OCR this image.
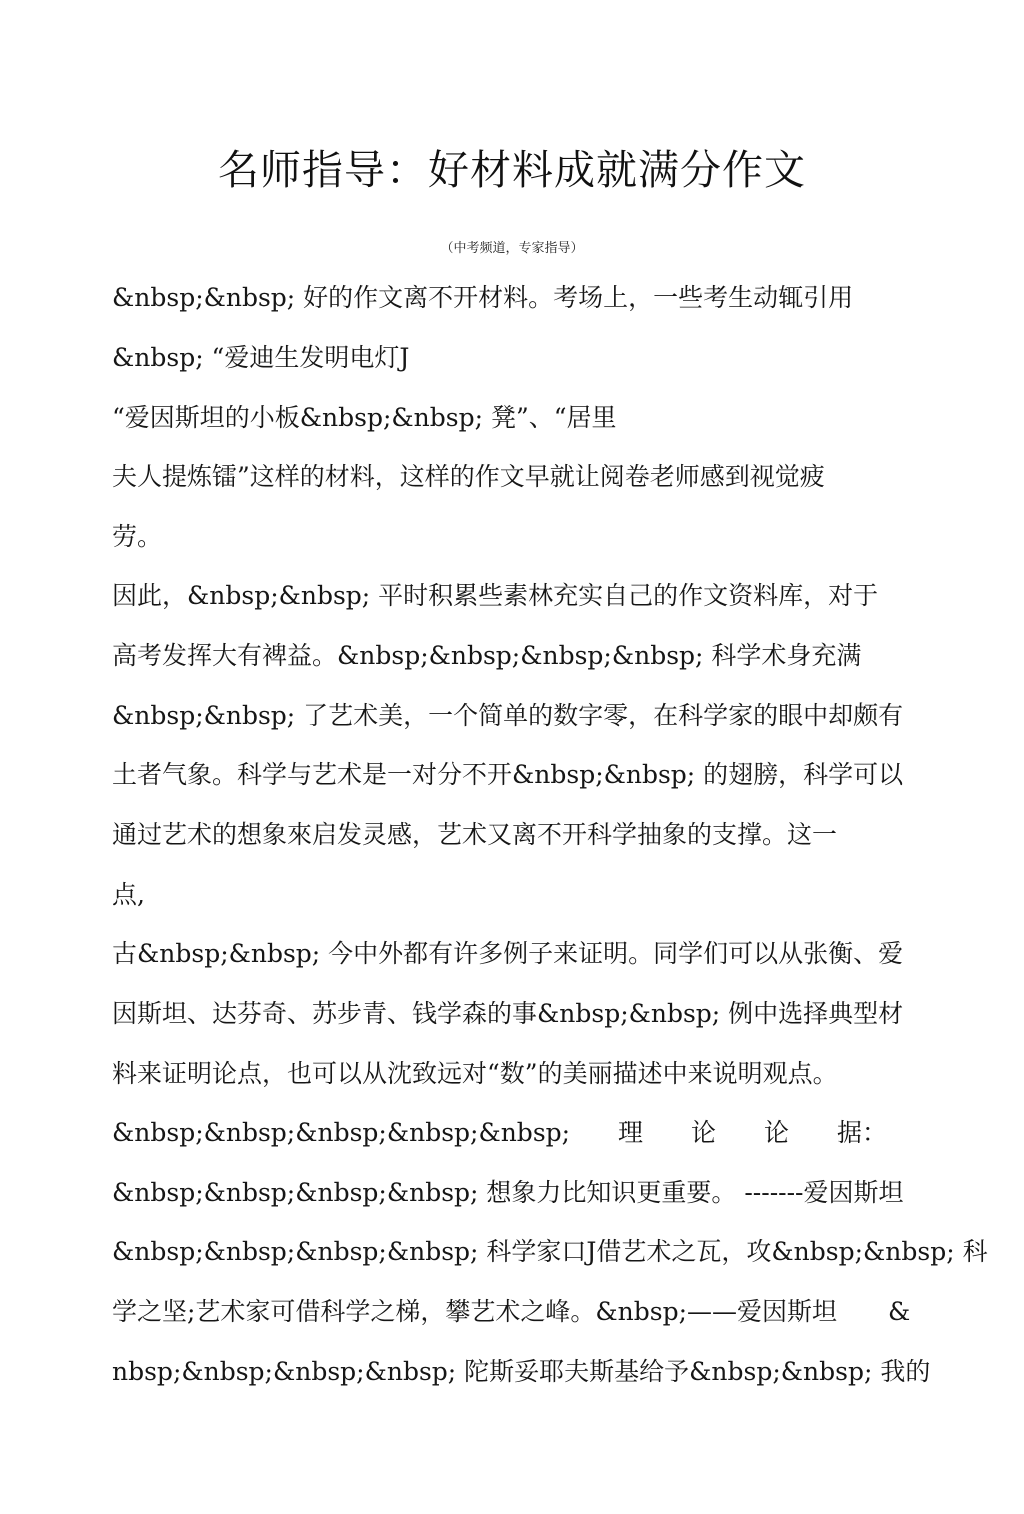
名师指导：好材料成就满分作文
（中考频道，专家指导）
&nbsp;&nbsp; 好的作文离不开材料。考场上，一些考生动辄引用
&nbsp; “爱迪生发明电灯J
“爱因斯坦的小板&nbsp;&nbsp; 凳”、“居里
夫人提炼镭”这样的材料，这样的作文早就让阅卷老师感到视觉疲
劳。
因此，&nbsp;&nbsp; 平时积累些素林充实自己的作文资料库，对于
高考发挥大有裨益。&nbsp;&nbsp;&nbsp;&nbsp; 科学术身充满
&nbsp;&nbsp; 了艺术美，一个简单的数字零，在科学家的眼中却颇有
土者气象。科学与艺术是一对分不开&nbsp;&nbsp; 的翅膀，科学可以
通过艺术的想象來启发灵感，艺术又离不开科学抽象的支撑。这一
点,
古&nbsp;&nbsp; 今中外都有许多例子来证明。同学们可以从张衡、爱
因斯坦、达芬奇、苏步青、钱学森的事&nbsp;&nbsp; 例中选择典型材
料来证明论点，也可以从沈致远对“数”的美丽描述中来说明观点。
&nbsp;&nbsp;&nbsp;&nbsp;&nbsp; 理 论 论 据：
&nbsp;&nbsp;&nbsp;&nbsp; 想象力比知识更重要。 -------爱因斯坦
&nbsp;&nbsp;&nbsp;&nbsp; 科学家口J借艺术之瓦，攻&nbsp;&nbsp; 科
学之坚;艺术家可借科学之梯，攀艺术之峰。&nbsp;——爱因斯坦 &
nbsp;&nbsp;&nbsp;&nbsp; 陀斯妥耶夫斯基给予& nbsp;&nbsp; 我的
